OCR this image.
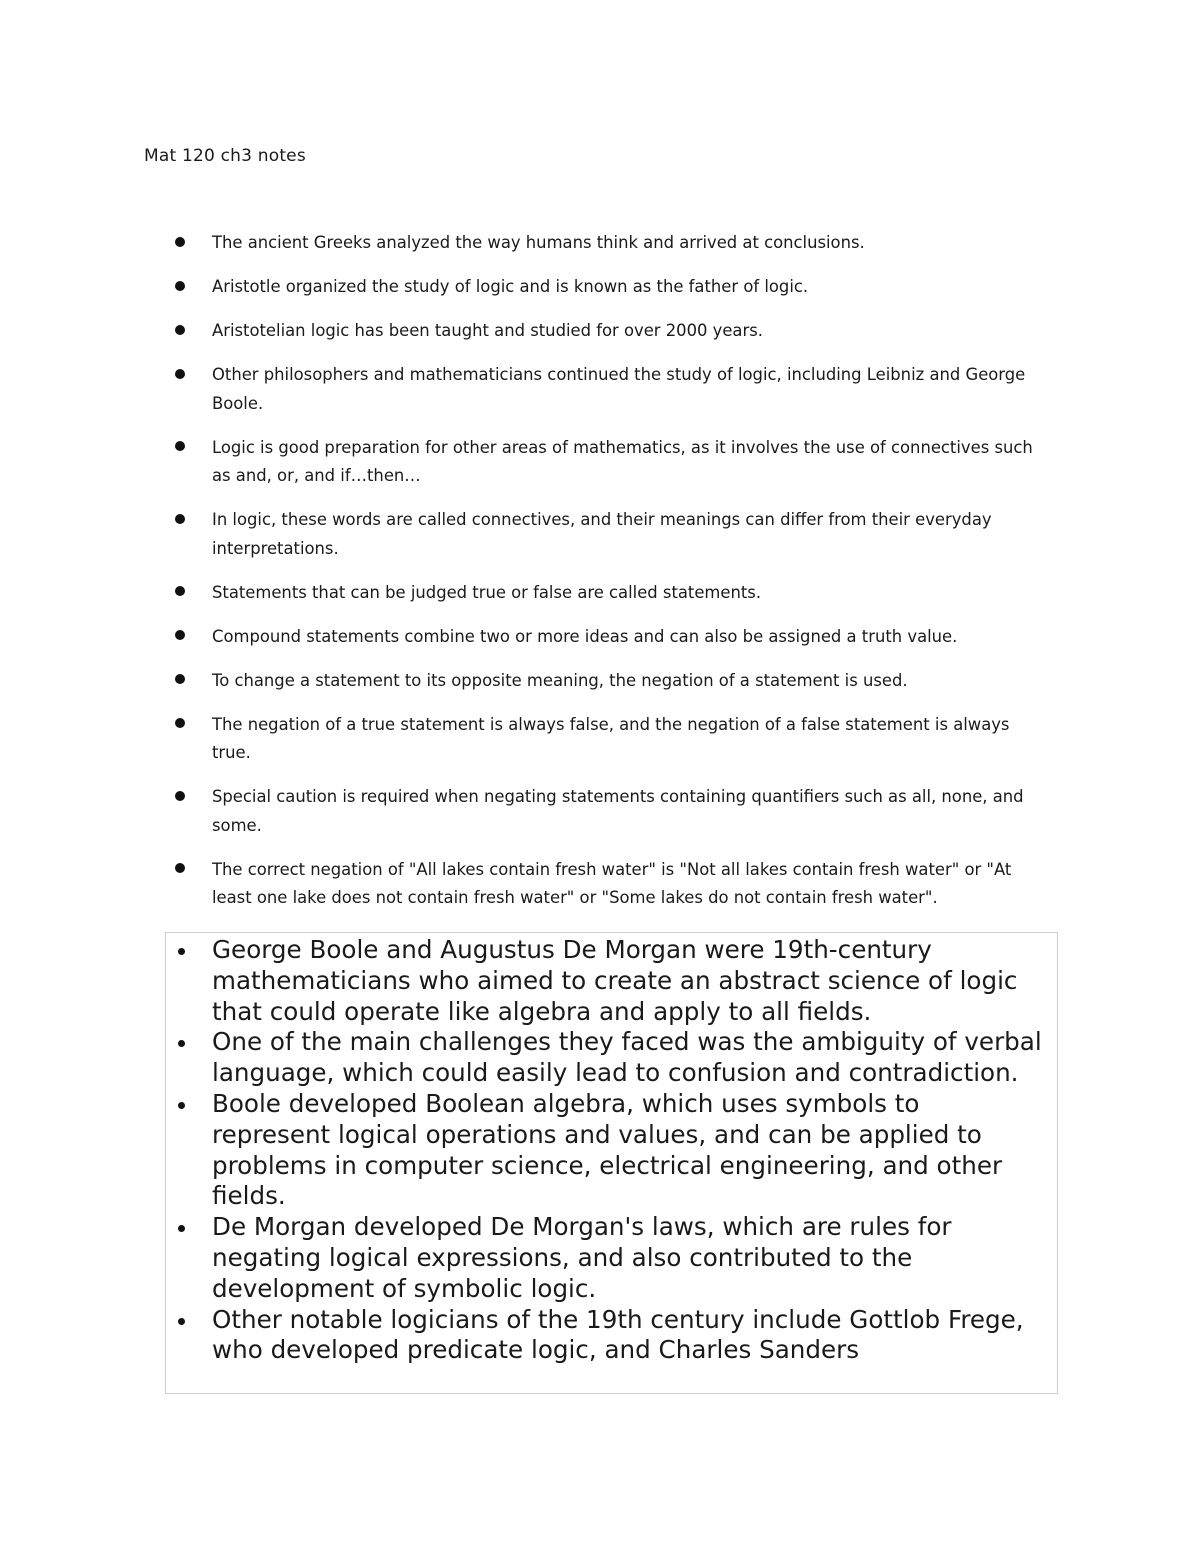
Mat 120 ch3 notes
The ancient Greeks analyzed the way humans think and arrived at conclusions.
Aristotle organized the study of logic and is known as the father of logic.
Aristotelian logic has been taught and studied for over 2000 years.
Other philosophers and mathematicians continued the study of logic, including Leibniz and George Boole.
Logic is good preparation for other areas of mathematics, as it involves the use of connectives such as and, or, and if…then…
In logic, these words are called connectives, and their meanings can differ from their everyday interpretations.
Statements that can be judged true or false are called statements.
Compound statements combine two or more ideas and can also be assigned a truth value.
To change a statement to its opposite meaning, the negation of a statement is used.
The negation of a true statement is always false, and the negation of a false statement is always true.
Special caution is required when negating statements containing quantifiers such as all, none, and some.
The correct negation of "All lakes contain fresh water" is "Not all lakes contain fresh water" or "At least one lake does not contain fresh water" or "Some lakes do not contain fresh water".
George Boole and Augustus De Morgan were 19th-century mathematicians who aimed to create an abstract science of logic that could operate like algebra and apply to all fields.
One of the main challenges they faced was the ambiguity of verbal language, which could easily lead to confusion and contradiction.
Boole developed Boolean algebra, which uses symbols to represent logical operations and values, and can be applied to problems in computer science, electrical engineering, and other fields.
De Morgan developed De Morgan's laws, which are rules for negating logical expressions, and also contributed to the development of symbolic logic.
Other notable logicians of the 19th century include Gottlob Frege, who developed predicate logic, and Charles Sanders
